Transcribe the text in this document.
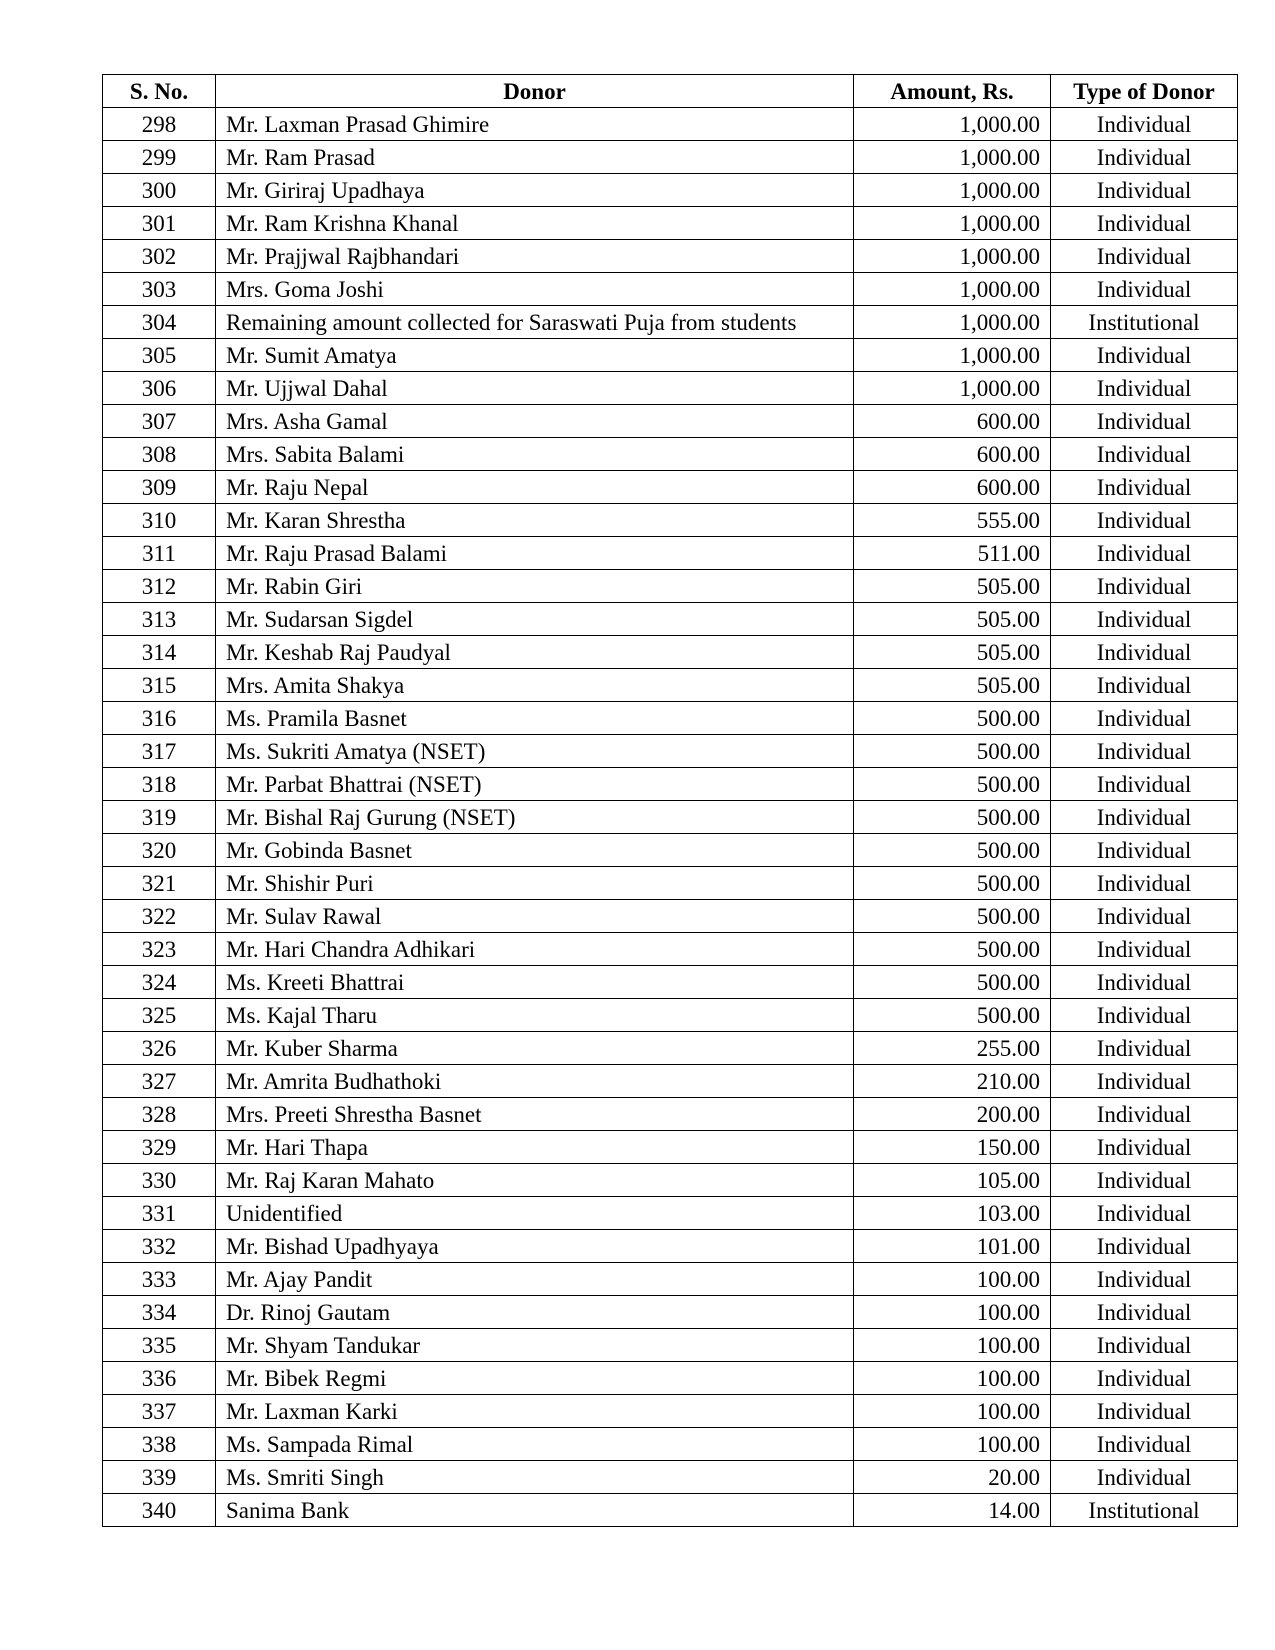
S. No.	Donor	Amount, Rs.	Type of Donor
298	Mr. Laxman Prasad Ghimire	1,000.00	Individual
299	Mr. Ram Prasad	1,000.00	Individual
300	Mr. Giriraj Upadhaya	1,000.00	Individual
301	Mr. Ram Krishna Khanal	1,000.00	Individual
302	Mr. Prajjwal Rajbhandari	1,000.00	Individual
303	Mrs. Goma Joshi	1,000.00	Individual
304	Remaining amount collected for Saraswati Puja from students	1,000.00	Institutional
305	Mr. Sumit Amatya	1,000.00	Individual
306	Mr. Ujjwal Dahal	1,000.00	Individual
307	Mrs. Asha Gamal	600.00	Individual
308	Mrs. Sabita Balami	600.00	Individual
309	Mr. Raju Nepal	600.00	Individual
310	Mr. Karan Shrestha	555.00	Individual
311	Mr. Raju Prasad Balami	511.00	Individual
312	Mr. Rabin Giri	505.00	Individual
313	Mr. Sudarsan Sigdel	505.00	Individual
314	Mr. Keshab Raj Paudyal	505.00	Individual
315	Mrs. Amita Shakya	505.00	Individual
316	Ms. Pramila Basnet	500.00	Individual
317	Ms. Sukriti Amatya (NSET)	500.00	Individual
318	Mr. Parbat Bhattrai (NSET)	500.00	Individual
319	Mr. Bishal Raj Gurung (NSET)	500.00	Individual
320	Mr. Gobinda Basnet	500.00	Individual
321	Mr. Shishir Puri	500.00	Individual
322	Mr. Sulav Rawal	500.00	Individual
323	Mr. Hari Chandra Adhikari	500.00	Individual
324	Ms. Kreeti Bhattrai	500.00	Individual
325	Ms. Kajal Tharu	500.00	Individual
326	Mr. Kuber Sharma	255.00	Individual
327	Mr. Amrita Budhathoki	210.00	Individual
328	Mrs. Preeti Shrestha Basnet	200.00	Individual
329	Mr. Hari Thapa	150.00	Individual
330	Mr. Raj Karan Mahato	105.00	Individual
331	Unidentified	103.00	Individual
332	Mr. Bishad Upadhyaya	101.00	Individual
333	Mr. Ajay Pandit	100.00	Individual
334	Dr. Rinoj Gautam	100.00	Individual
335	Mr. Shyam Tandukar	100.00	Individual
336	Mr. Bibek Regmi	100.00	Individual
337	Mr. Laxman Karki	100.00	Individual
338	Ms. Sampada Rimal	100.00	Individual
339	Ms. Smriti Singh	20.00	Individual
340	Sanima Bank	14.00	Institutional
